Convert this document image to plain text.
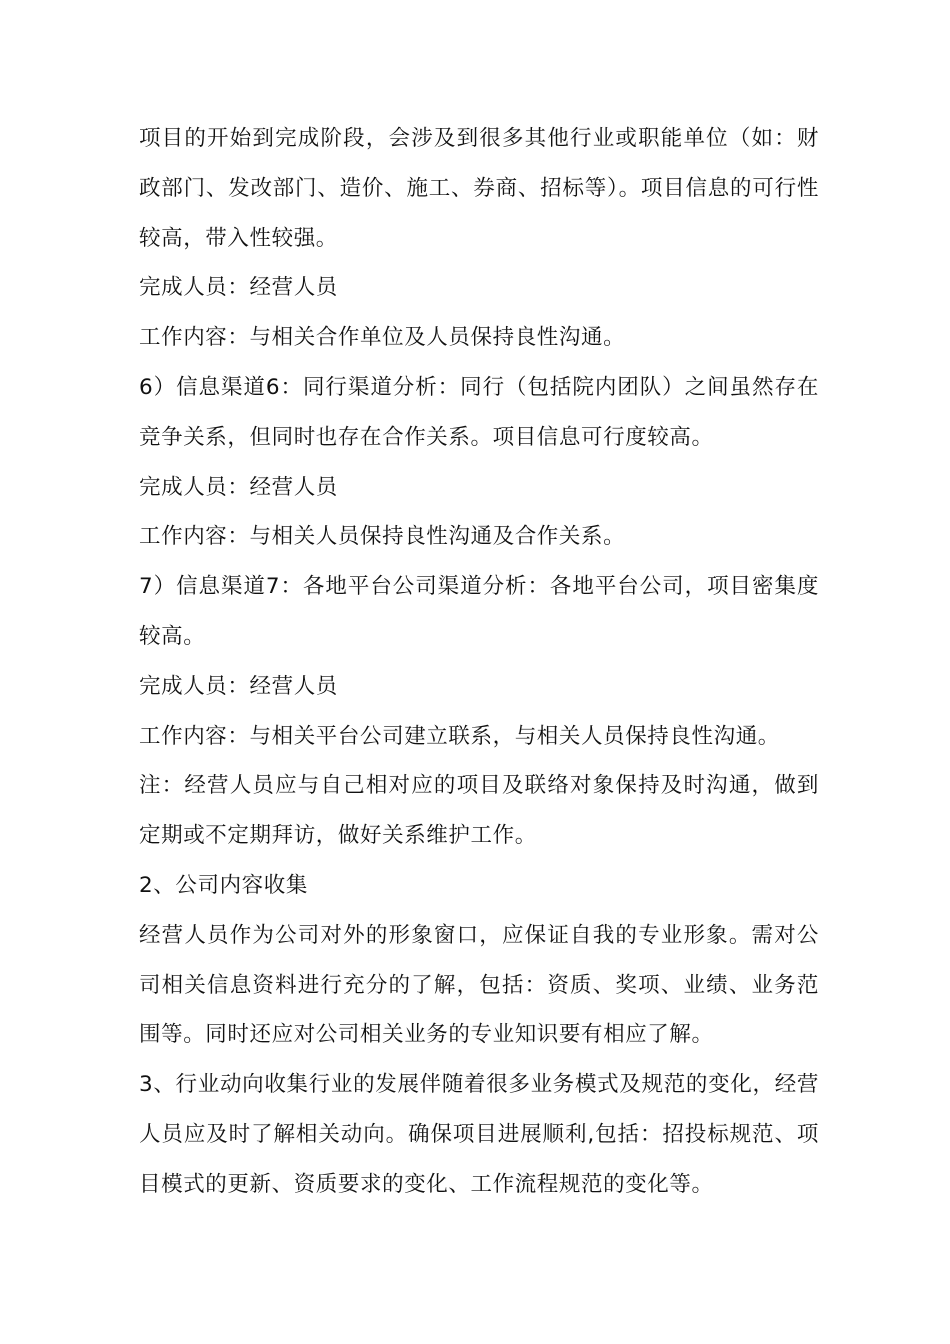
项目的开始到完成阶段，会涉及到很多其他行业或职能单位（如：财政部门、发改部门、造价、施工、券商、招标等）。项目信息的可行性较高，带入性较强。

完成人员：经营人员

工作内容：与相关合作单位及人员保持良性沟通。

6）信息渠道6：同行渠道分析：同行（包括院内团队）之间虽然存在竞争关系，但同时也存在合作关系。项目信息可行度较高。

完成人员：经营人员

工作内容：与相关人员保持良性沟通及合作关系。

7）信息渠道7：各地平台公司渠道分析：各地平台公司，项目密集度较高。

完成人员：经营人员

工作内容：与相关平台公司建立联系，与相关人员保持良性沟通。

注：经营人员应与自己相对应的项目及联络对象保持及时沟通，做到定期或不定期拜访，做好关系维护工作。

2、公司内容收集

经营人员作为公司对外的形象窗口，应保证自我的专业形象。需对公司相关信息资料进行充分的了解，包括：资质、奖项、业绩、业务范围等。同时还应对公司相关业务的专业知识要有相应了解。

3、行业动向收集行业的发展伴随着很多业务模式及规范的变化，经营人员应及时了解相关动向。确保项目进展顺利,包括：招投标规范、项目模式的更新、资质要求的变化、工作流程规范的变化等。
